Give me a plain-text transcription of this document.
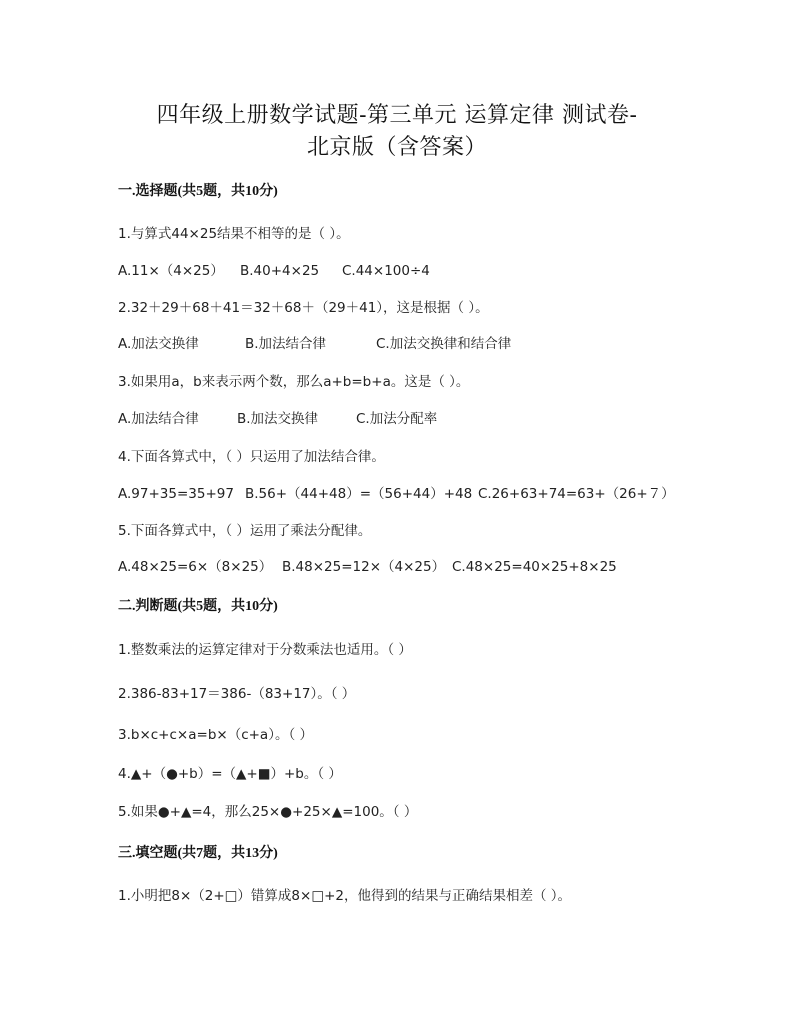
四年级上册数学试题-第三单元 运算定律 测试卷-
北京版（含答案）
一.选择题(共5题，共10分)
1.与算式44×25结果不相等的是（ ）。
A.11×（4×25） B.40+4×25 C.44×100÷4
2.32＋29＋68＋41＝32＋68＋（29＋41），这是根据（ ）。
A.加法交换律	B.加法结合律	C.加法交换律和结合律
3.如果用a，b来表示两个数，那么a+b=b+a。这是（ ）。
A.加法结合律	B.加法交换律	C.加法分配率
4.下面各算式中，（ ）只运用了加法结合律。
A.97+35=35+97 B.56+（44+48）=（56+44）+48 C.26+63+74=63+（26+７）
5.下面各算式中，（ ）运用了乘法分配律。
A.48×25=6×（8×25） B.48×25=12×（4×25） C.48×25=40×25+8×25
二.判断题(共5题，共10分)
1.整数乘法的运算定律对于分数乘法也适用。（ ）
2.386-83+17＝386-（83+17）。（ ）
3.b×c+c×a=b×（c+a）。（ ）
4.▲+（●+b）=（▲+■）+b。（ ）
5.如果●+▲=4，那么25×●+25×▲=100。（ ）
三.填空题(共7题，共13分)
1.小明把8×（2+□）错算成8×□+2，他得到的结果与正确结果相差（ ）。
